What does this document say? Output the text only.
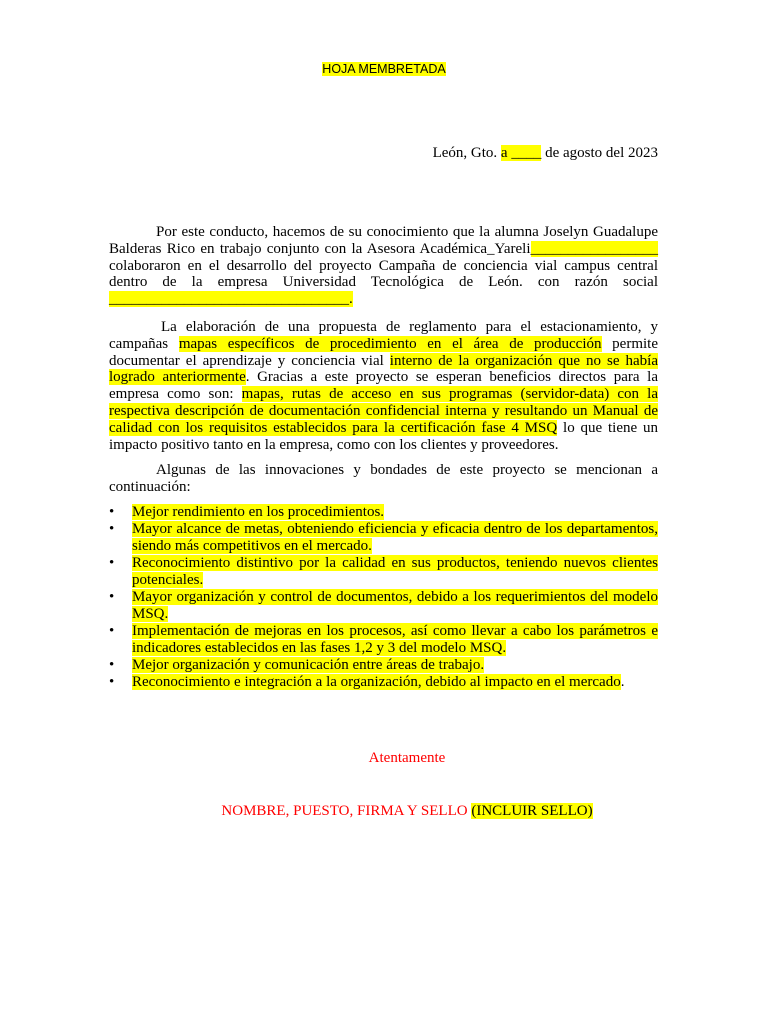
HOJA MEMBRETADA
León, Gto. a ____ de agosto del 2023
Por este conducto, hacemos de su conocimiento que la alumna Joselyn Guadalupe Balderas Rico en trabajo conjunto con la Asesora Académica_Yareli_________________ colaboraron en el desarrollo del proyecto Campaña de conciencia vial campus central dentro de la empresa Universidad Tecnológica de León. con razón social ________________________________.
La elaboración de una propuesta de reglamento para el estacionamiento, y campañas mapas específicos de procedimiento en el área de producción permite documentar el aprendizaje y conciencia vial interno de la organización que no se había logrado anteriormente. Gracias a este proyecto se esperan beneficios directos para la empresa como son: mapas, rutas de acceso en sus programas (servidor-data) con la respectiva descripción de documentación confidencial interna y resultando un Manual de calidad con los requisitos establecidos para la certificación fase 4 MSQ lo que tiene un impacto positivo tanto en la empresa, como con los clientes y proveedores.
Algunas de las innovaciones y bondades de este proyecto se mencionan a continuación:
• Mejor rendimiento en los procedimientos.
• Mayor alcance de metas, obteniendo eficiencia y eficacia dentro de los departamentos, siendo más competitivos en el mercado.
• Reconocimiento distintivo por la calidad en sus productos, teniendo nuevos clientes potenciales.
• Mayor organización y control de documentos, debido a los requerimientos del modelo MSQ.
• Implementación de mejoras en los procesos, así como llevar a cabo los parámetros e indicadores establecidos en las fases 1,2 y 3 del modelo MSQ.
• Mejor organización y comunicación entre áreas de trabajo.
• Reconocimiento e integración a la organización, debido al impacto en el mercado.
Atentamente
NOMBRE, PUESTO, FIRMA Y SELLO (INCLUIR SELLO)
